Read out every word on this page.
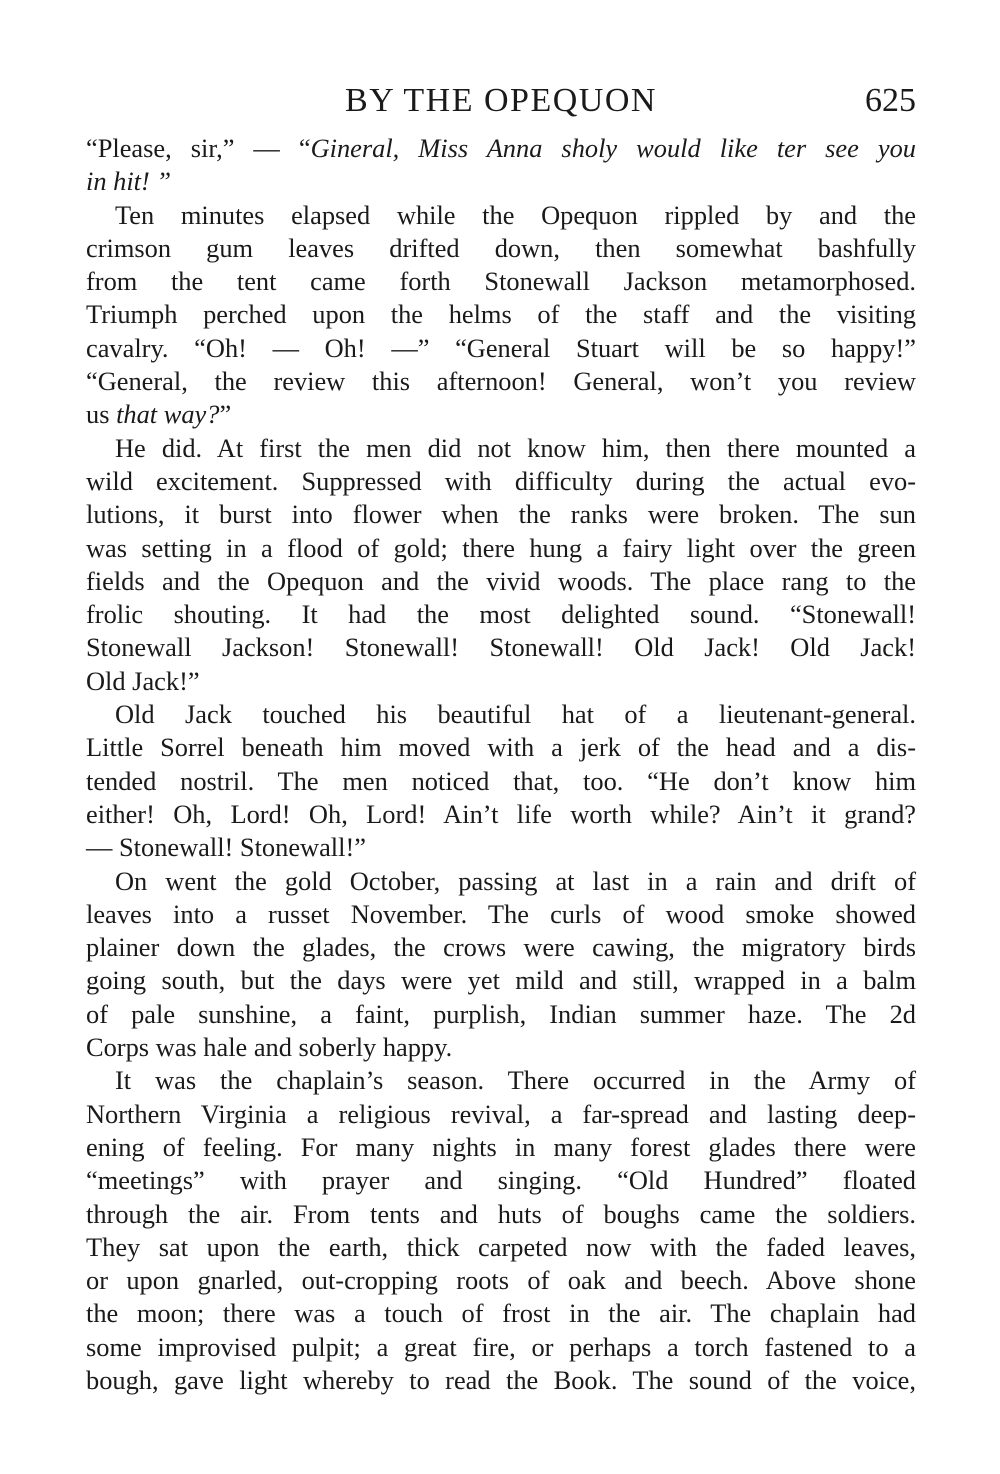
BY THE OPEQUON	625
“Please, sir,” — “Gineral, Miss Anna sholy would like ter see you
in hit! ”
Ten minutes elapsed while the Opequon rippled by and the
crimson gum leaves drifted down, then somewhat bashfully
from the tent came forth Stonewall Jackson metamorphosed.
Triumph perched upon the helms of the staff and the visiting
cavalry. “Oh! — Oh! —” “General Stuart will be so happy!”
“General, the review this afternoon! General, won’t you review
us that way?”
He did. At first the men did not know him, then there mounted a
wild excitement. Suppressed with difficulty during the actual evo-
lutions, it burst into flower when the ranks were broken. The sun
was setting in a flood of gold; there hung a fairy light over the green
fields and the Opequon and the vivid woods. The place rang to the
frolic shouting. It had the most delighted sound. “Stonewall!
Stonewall Jackson! Stonewall! Stonewall! Old Jack! Old Jack!
Old Jack!”
Old Jack touched his beautiful hat of a lieutenant-general.
Little Sorrel beneath him moved with a jerk of the head and a dis-
tended nostril. The men noticed that, too. “He don’t know him
either! Oh, Lord! Oh, Lord! Ain’t life worth while? Ain’t it grand?
— Stonewall! Stonewall!”
On went the gold October, passing at last in a rain and drift of
leaves into a russet November. The curls of wood smoke showed
plainer down the glades, the crows were cawing, the migratory birds
going south, but the days were yet mild and still, wrapped in a balm
of pale sunshine, a faint, purplish, Indian summer haze. The 2d
Corps was hale and soberly happy.
It was the chaplain’s season. There occurred in the Army of
Northern Virginia a religious revival, a far-spread and lasting deep-
ening of feeling. For many nights in many forest glades there were
“meetings” with prayer and singing. “Old Hundred” floated
through the air. From tents and huts of boughs came the soldiers.
They sat upon the earth, thick carpeted now with the faded leaves,
or upon gnarled, out-cropping roots of oak and beech. Above shone
the moon; there was a touch of frost in the air. The chaplain had
some improvised pulpit; a great fire, or perhaps a torch fastened to a
bough, gave light whereby to read the Book. The sound of the voice,
